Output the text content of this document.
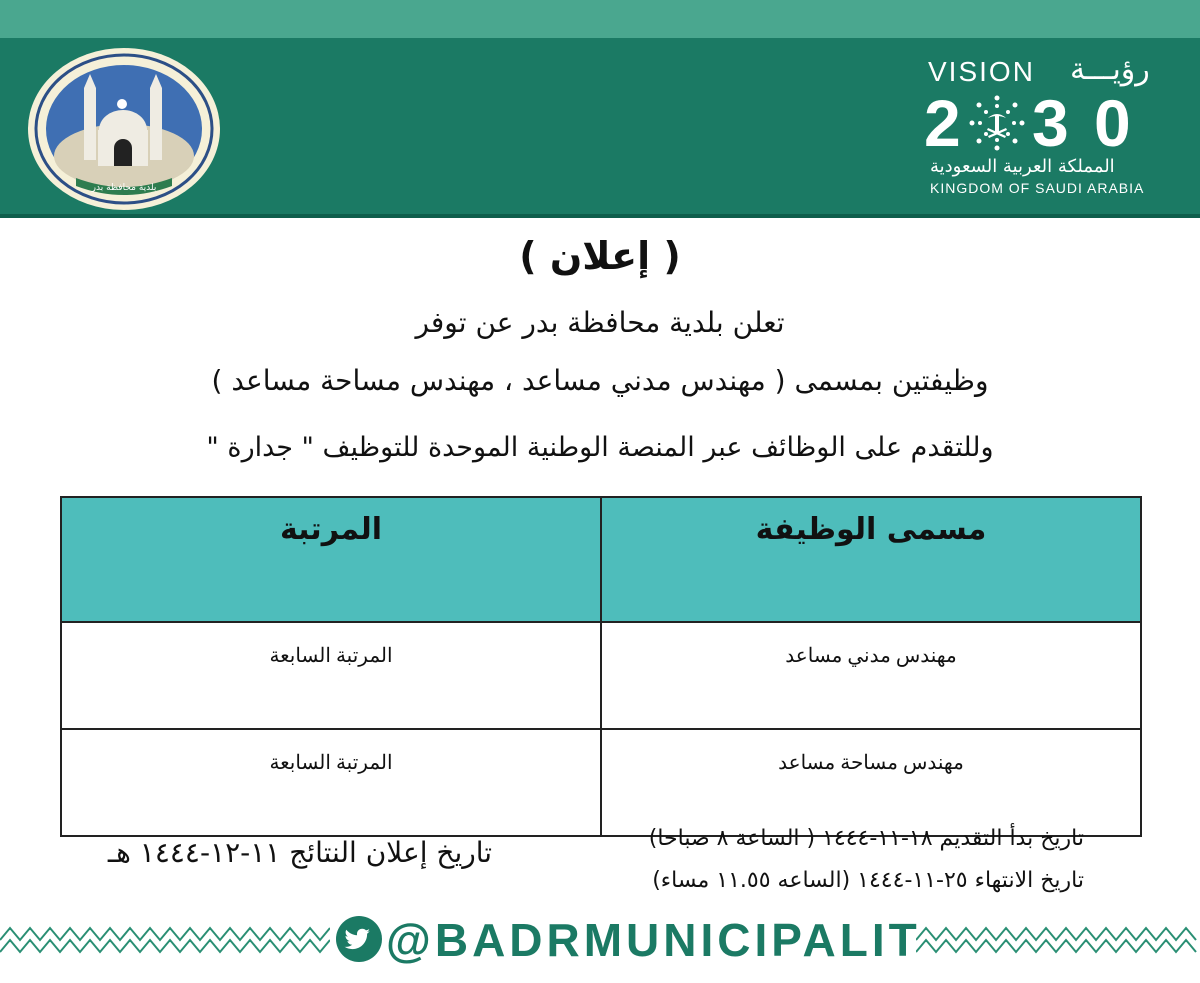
بلدية محافظة بدر
VISION رؤيـــة
2 3 0
المملكة العربية السعودية
KINGDOM OF SAUDI ARABIA
( إعلان )
تعلن بلدية محافظة بدر عن توفر
وظيفتين بمسمى ( مهندس مدني مساعد ، مهندس مساحة مساعد )
وللتقدم على الوظائف عبر المنصة الوطنية الموحدة للتوظيف " جدارة "
مسمى الوظيفة	المرتبة
مهندس مدني مساعد	المرتبة السابعة
مهندس مساحة مساعد	المرتبة السابعة
تاريخ بدأ التقديم ١٨-١١-١٤٤٤ ( الساعة ٨ صباحا)
تاريخ الانتهاء ٢٥-١١-١٤٤٤ (الساعه ١١.٥٥ مساء)
تاريخ إعلان النتائج ١١-١٢-١٤٤٤ هـ
@BADRMUNICIPALIT
